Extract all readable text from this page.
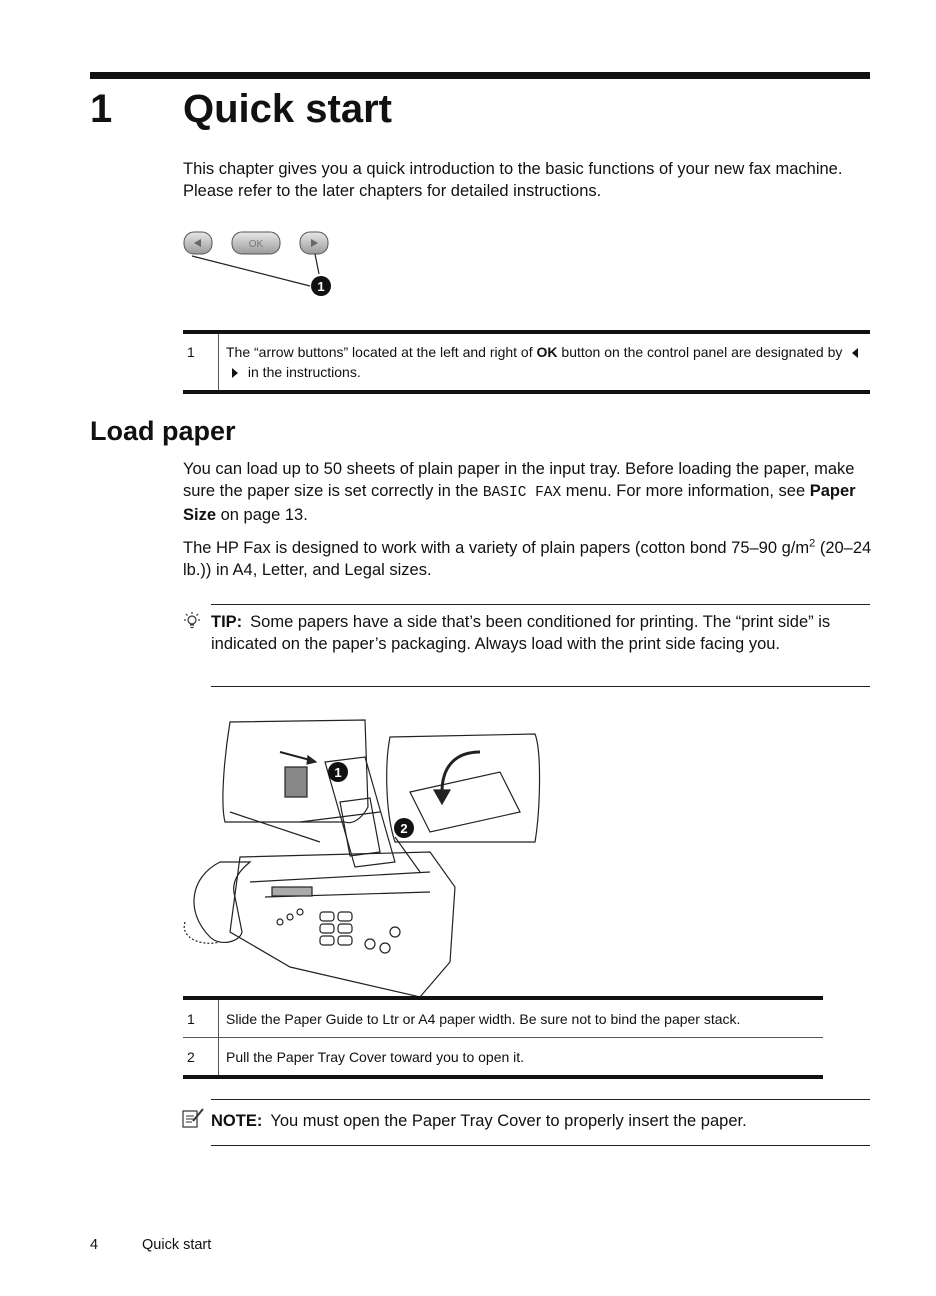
1 Quick start
This chapter gives you a quick introduction to the basic functions of your new fax machine. Please refer to the later chapters for detailed instructions.
OK
1
1	The “arrow buttons” located at the left and right of OK button on the control panel are designated by  in the instructions.
Load paper
You can load up to 50 sheets of plain paper in the input tray. Before loading the paper, make sure the paper size is set correctly in the BASIC FAX menu. For more information, see Paper Size on page 13.
The HP Fax is designed to work with a variety of plain papers (cotton bond 75–90 $g/m^2$ (20–24 lb.)) in A4, Letter, and Legal sizes.
TIP: Some papers have a side that’s been conditioned for printing. The “print side” is indicated on the paper’s packaging. Always load with the print side facing you.
1
2
1	Slide the Paper Guide to Ltr or A4 paper width. Be sure not to bind the paper stack.
2	Pull the Paper Tray Cover toward you to open it.
NOTE: You must open the Paper Tray Cover to properly insert the paper.
4	Quick start
